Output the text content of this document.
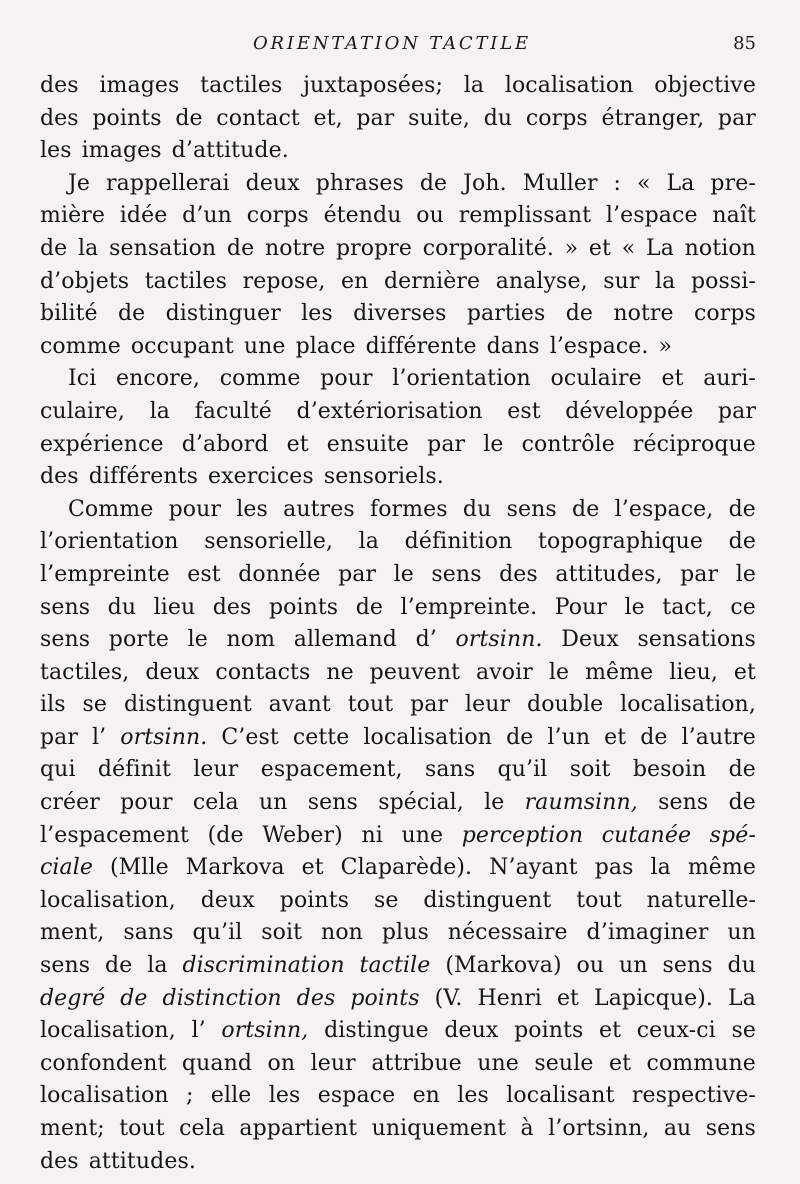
ORIENTATION TACTILE	85
des images tactiles juxtaposées; la localisation objective
des points de contact et, par suite, du corps étranger, par
les images d’attitude.
Je rappellerai deux phrases de Joh. Muller : « La pre-
mière idée d’un corps étendu ou remplissant l’espace naît
de la sensation de notre propre corporalité. » et « La notion
d’objets tactiles repose, en dernière analyse, sur la possi-
bilité de distinguer les diverses parties de notre corps
comme occupant une place différente dans l’espace. »
Ici encore, comme pour l’orientation oculaire et auri-
culaire, la faculté d’extériorisation est développée par
expérience d’abord et ensuite par le contrôle réciproque
des différents exercices sensoriels.
Comme pour les autres formes du sens de l’espace, de
l’orientation sensorielle, la définition topographique de
l’empreinte est donnée par le sens des attitudes, par le
sens du lieu des points de l’empreinte. Pour le tact, ce
sens porte le nom allemand d’ ortsinn. Deux sensations
tactiles, deux contacts ne peuvent avoir le même lieu, et
ils se distinguent avant tout par leur double localisation,
par l’ ortsinn. C’est cette localisation de l’un et de l’autre
qui définit leur espacement, sans qu’il soit besoin de
créer pour cela un sens spécial, le raumsinn, sens de
l’espacement (de Weber) ni une perception cutanée spé-
ciale (Mlle Markova et Claparède). N’ayant pas la même
localisation, deux points se distinguent tout naturelle-
ment, sans qu’il soit non plus nécessaire d’imaginer un
sens de la discrimination tactile (Markova) ou un sens du
degré de distinction des points (V. Henri et Lapicque). La
localisation, l’ ortsinn, distingue deux points et ceux-ci se
confondent quand on leur attribue une seule et commune
localisation ; elle les espace en les localisant respective-
ment; tout cela appartient uniquement à l’ortsinn, au sens
des attitudes.
